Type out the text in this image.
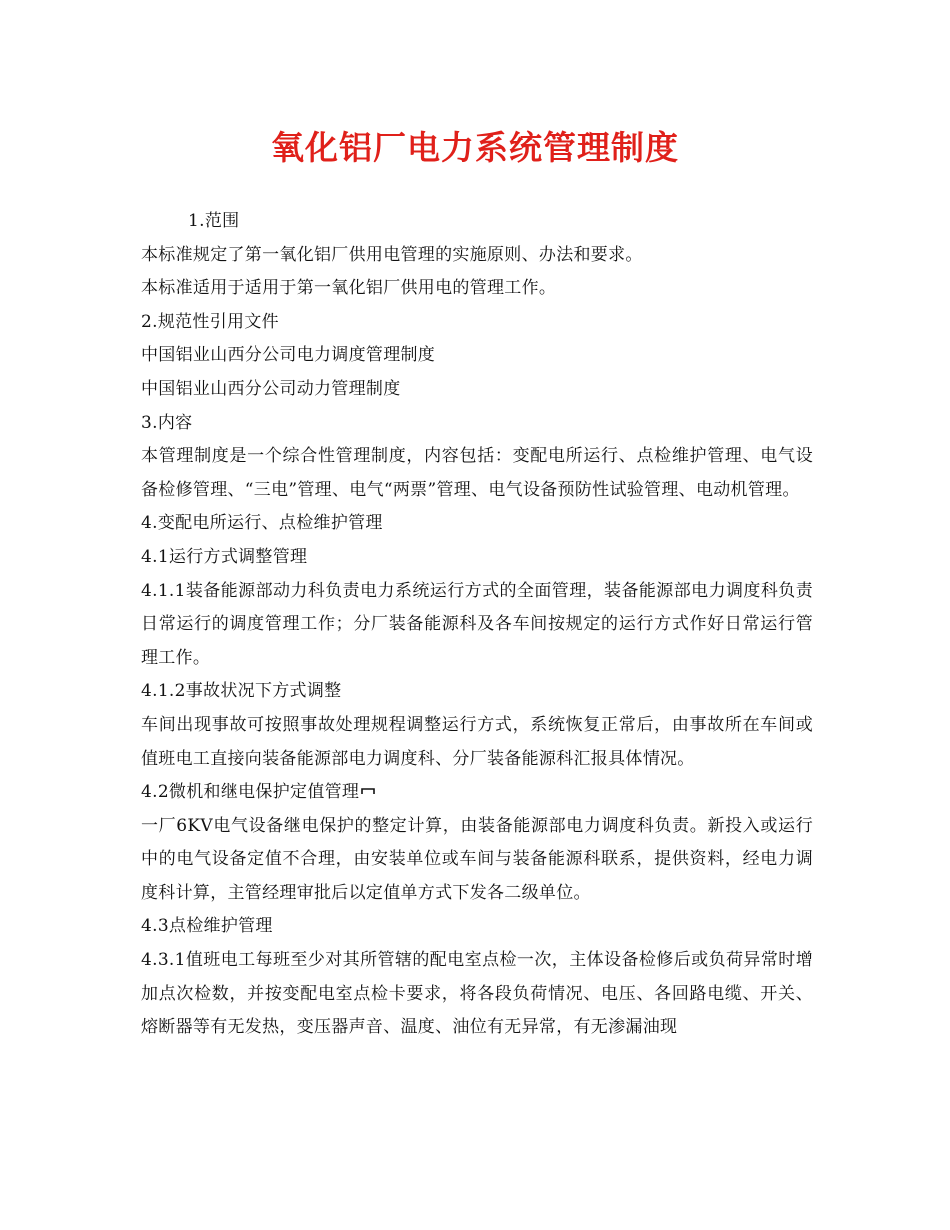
氧化铝厂电力系统管理制度

1.范围

本标准规定了第一氧化铝厂供用电管理的实施原则、办法和要求。

本标准适用于适用于第一氧化铝厂供用电的管理工作。

2.规范性引用文件

中国铝业山西分公司电力调度管理制度

中国铝业山西分公司动力管理制度

3.内容

本管理制度是一个综合性管理制度，内容包括：变配电所运行、点检维护管理、电气设备检修管理、“三电”管理、电气“两票”管理、电气设备预防性试验管理、电动机管理。

4.变配电所运行、点检维护管理

4.1运行方式调整管理

4.1.1装备能源部动力科负责电力系统运行方式的全面管理，装备能源部电力调度科负责日常运行的调度管理工作；分厂装备能源科及各车间按规定的运行方式作好日常运行管理工作。

4.1.2事故状况下方式调整

车间出现事故可按照事故处理规程调整运行方式，系统恢复正常后，由事故所在车间或值班电工直接向装备能源部电力调度科、分厂装备能源科汇报具体情况。

4.2微机和继电保护定值管理

一厂6KV电气设备继电保护的整定计算，由装备能源部电力调度科负责。新投入或运行中的电气设备定值不合理，由安装单位或车间与装备能源科联系，提供资料，经电力调度科计算，主管经理审批后以定值单方式下发各二级单位。

4.3点检维护管理

4.3.1值班电工每班至少对其所管辖的配电室点检一次，主体设备检修后或负荷异常时增加点次检数，并按变配电室点检卡要求，将各段负荷情况、电压、各回路电缆、开关、熔断器等有无发热，变压器声音、温度、油位有无异常，有无渗漏油现
